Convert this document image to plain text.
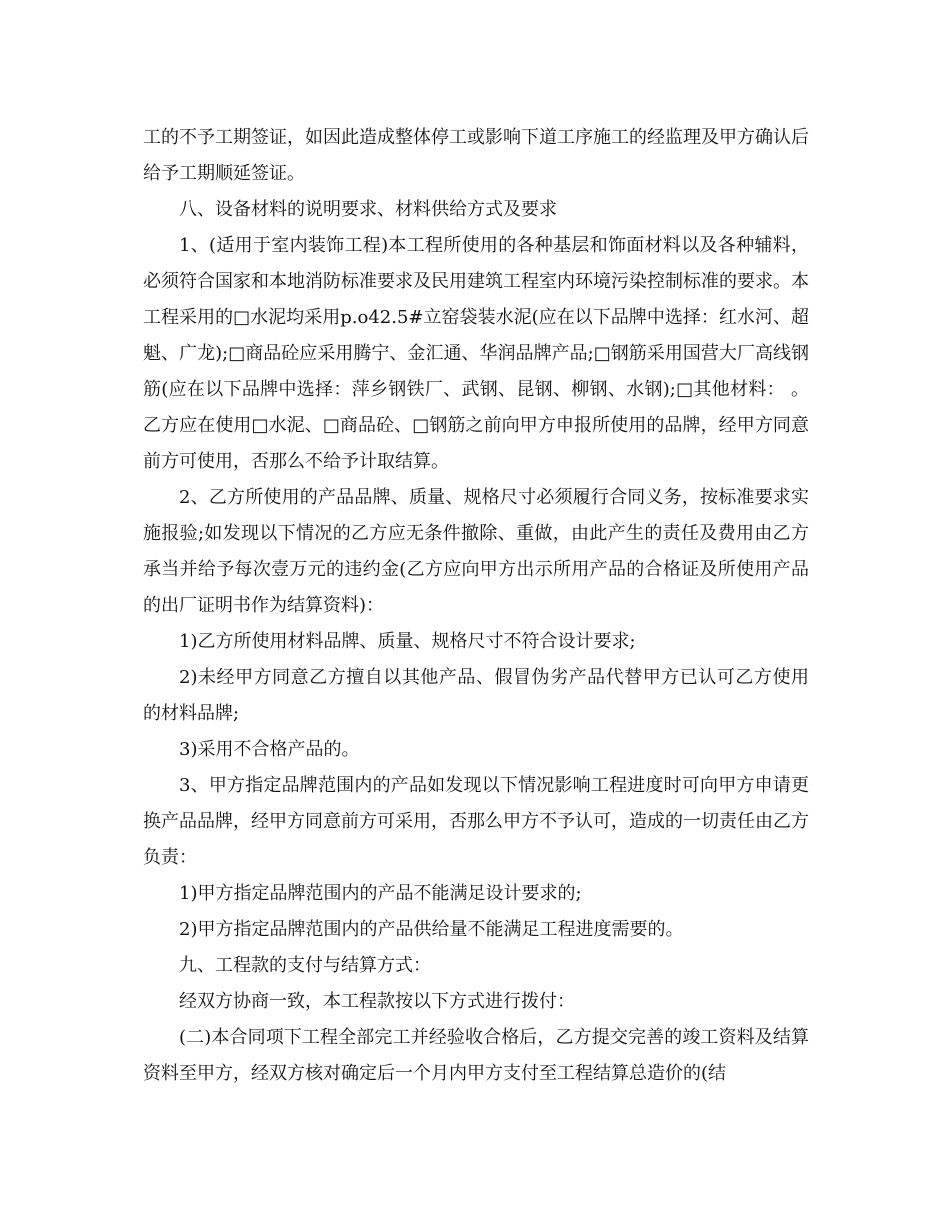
工的不予工期签证，如因此造成整体停工或影响下道工序施工的经监理及甲方确认后给予工期顺延签证。

八、设备材料的说明要求、材料供给方式及要求

1、(适用于室内装饰工程)本工程所使用的各种基层和饰面材料以及各种辅料，必须符合国家和本地消防标准要求及民用建筑工程室内环境污染控制标准的要求。本工程采用的□水泥均采用p.o42.5#立窑袋装水泥(应在以下品牌中选择：红水河、超魁、广龙);□商品砼应采用腾宁、金汇通、华润品牌产品;□钢筋采用国营大厂高线钢筋(应在以下品牌中选择：萍乡钢铁厂、武钢、昆钢、柳钢、水钢);□其他材料： 。乙方应在使用□水泥、□商品砼、□钢筋之前向甲方申报所使用的品牌，经甲方同意前方可使用，否那么不给予计取结算。

2、乙方所使用的产品品牌、质量、规格尺寸必须履行合同义务，按标准要求实施报验;如发现以下情况的乙方应无条件撤除、重做，由此产生的责任及费用由乙方承当并给予每次壹万元的违约金(乙方应向甲方出示所用产品的合格证及所使用产品的出厂证明书作为结算资料)：

1)乙方所使用材料品牌、质量、规格尺寸不符合设计要求;

2)未经甲方同意乙方擅自以其他产品、假冒伪劣产品代替甲方已认可乙方使用的材料品牌;

3)采用不合格产品的。

3、甲方指定品牌范围内的产品如发现以下情况影响工程进度时可向甲方申请更换产品品牌，经甲方同意前方可采用，否那么甲方不予认可，造成的一切责任由乙方负责：

1)甲方指定品牌范围内的产品不能满足设计要求的;

2)甲方指定品牌范围内的产品供给量不能满足工程进度需要的。

九、工程款的支付与结算方式：

经双方协商一致，本工程款按以下方式进行拨付：

(二)本合同项下工程全部完工并经验收合格后，乙方提交完善的竣工资料及结算资料至甲方，经双方核对确定后一个月内甲方支付至工程结算总造价的(结
